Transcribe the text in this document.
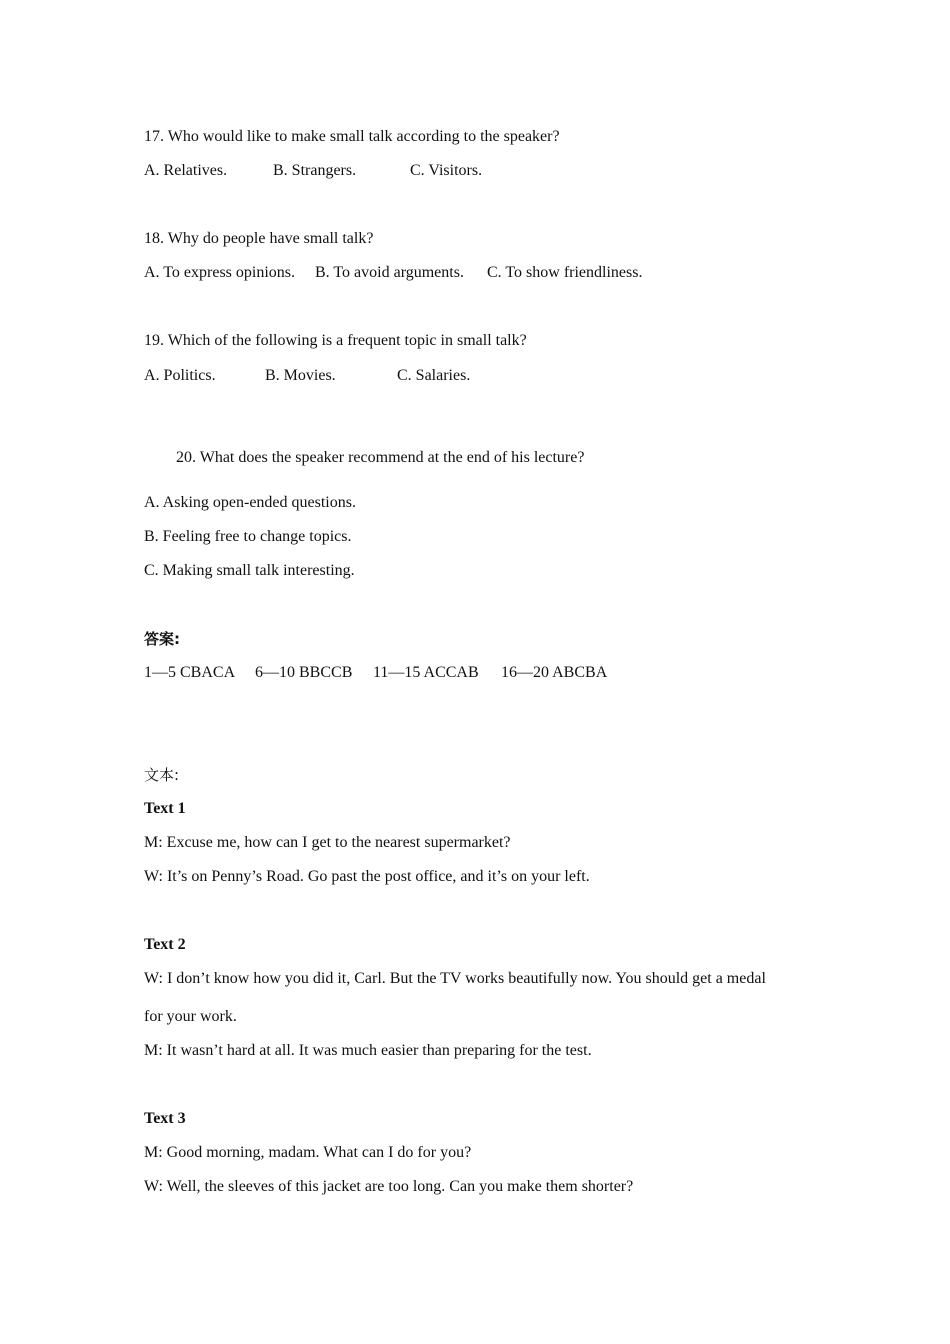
17. Who would like to make small talk according to the speaker?
A. Relatives.	B. Strangers.	C. Visitors.
18. Why do people have small talk?
A. To express opinions. B. To avoid arguments. C. To show friendliness.
19. Which of the following is a frequent topic in small talk?
A. Politics.	B. Movies.	C. Salaries.
20. What does the speaker recommend at the end of his lecture?
A. Asking open-ended questions.
B. Feeling free to change topics.
C. Making small talk interesting.
答案:
1—5 CBACA 6—10 BBCCB 11—15 ACCAB 16—20 ABCBA
文本:
Text 1
M: Excuse me, how can I get to the nearest supermarket?
W: It’s on Penny’s Road. Go past the post office, and it’s on your left.
Text 2
W: I don’t know how you did it, Carl. But the TV works beautifully now. You should get a medal
for your work.
M: It wasn’t hard at all. It was much easier than preparing for the test.
Text 3
M: Good morning, madam. What can I do for you?
W: Well, the sleeves of this jacket are too long. Can you make them shorter?
